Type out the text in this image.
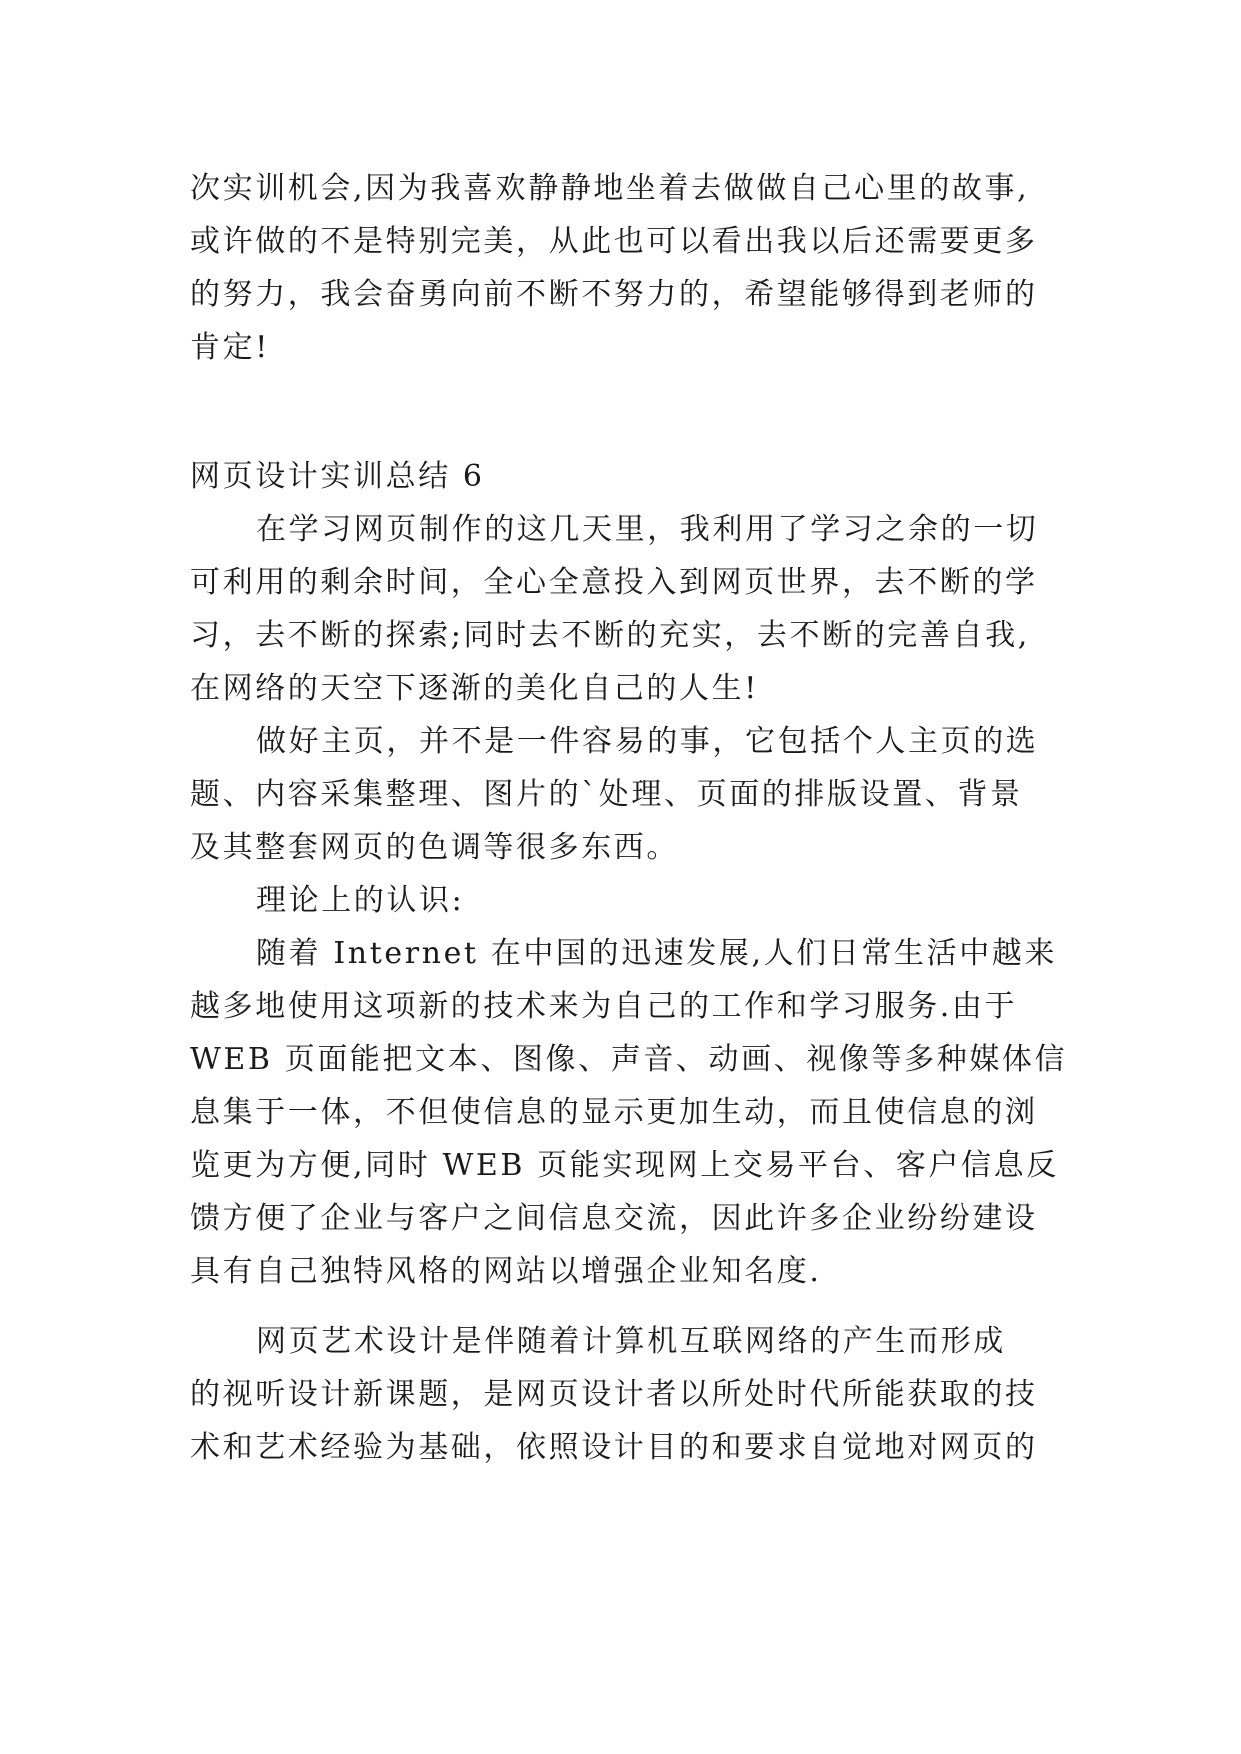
次实训机会,因为我喜欢静静地坐着去做做自己心里的故事,
或许做的不是特别完美，从此也可以看出我以后还需要更多
的努力，我会奋勇向前不断不努力的，希望能够得到老师的
肯定!
网页设计实训总结 6
在学习网页制作的这几天里，我利用了学习之余的一切
可利用的剩余时间，全心全意投入到网页世界，去不断的学
习，去不断的探索;同时去不断的充实，去不断的完善自我,
在网络的天空下逐渐的美化自己的人生!
做好主页，并不是一件容易的事，它包括个人主页的选
题、内容采集整理、图片的`处理、页面的排版设置、背景
及其整套网页的色调等很多东西。
理论上的认识:
随着 Internet 在中国的迅速发展,人们日常生活中越来
越多地使用这项新的技术来为自己的工作和学习服务.由于
WEB 页面能把文本、图像、声音、动画、视像等多种媒体信
息集于一体，不但使信息的显示更加生动，而且使信息的浏
览更为方便,同时 WEB 页能实现网上交易平台、客户信息反
馈方便了企业与客户之间信息交流，因此许多企业纷纷建设
具有自己独特风格的网站以增强企业知名度.
网页艺术设计是伴随着计算机互联网络的产生而形成
的视听设计新课题，是网页设计者以所处时代所能获取的技
术和艺术经验为基础，依照设计目的和要求自觉地对网页的
